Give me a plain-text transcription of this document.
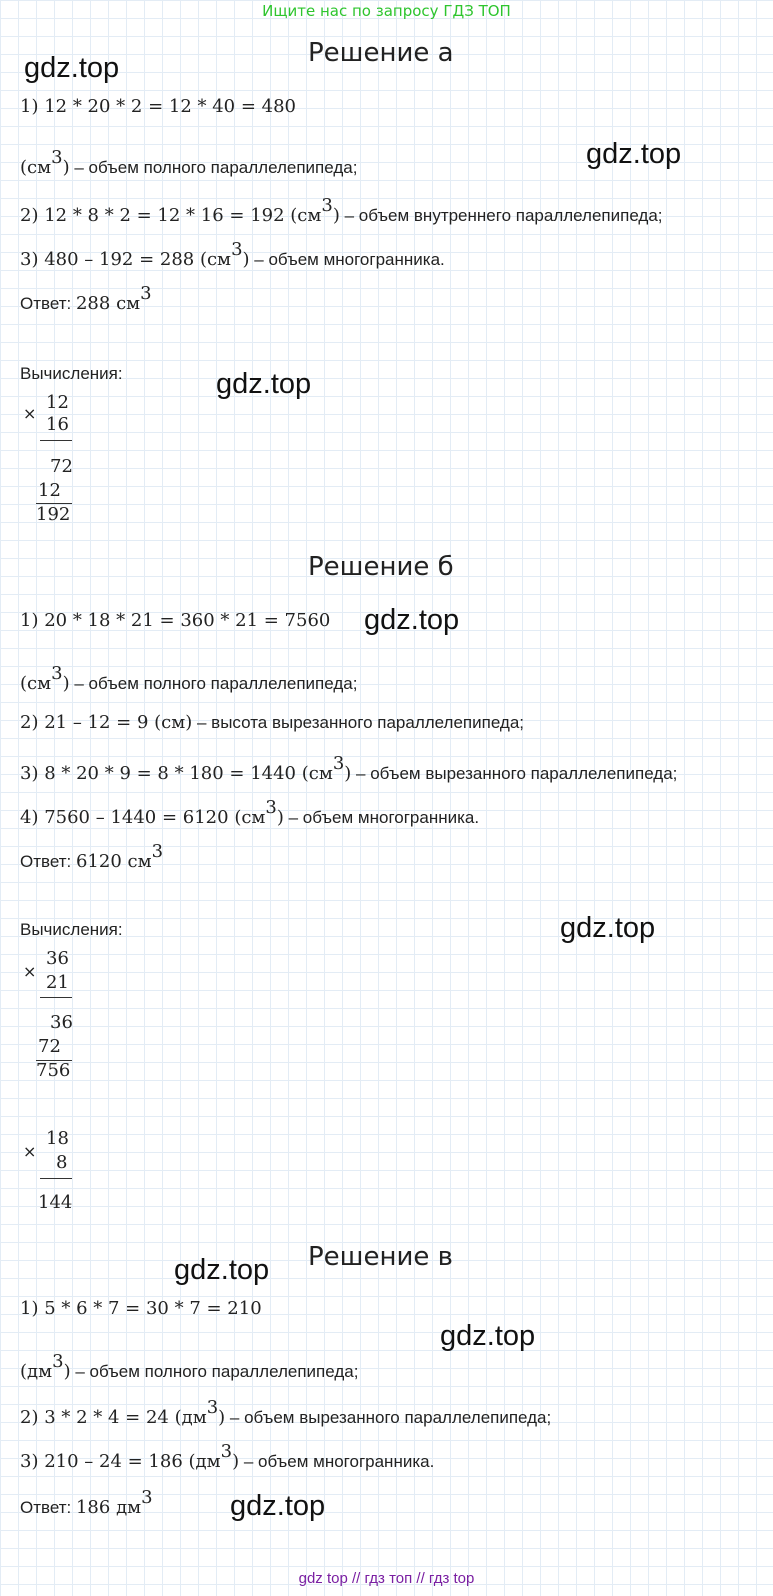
Ищите нас по запросу ГДЗ ТОП
Решение а
gdz.top
1) 12 * 20 * 2 = 12 * 40 = 480
gdz.top
$(см^3)$ – объем полного параллелепипеда;
2) 12 * 8 * 2 = 12 * 16 = 192 $(см^3)$ – объем внутреннего параллелепипеда;
3) 480 – 192 = 288 $(см^3)$ – объем многогранника.
Ответ: 288 $см^3$
Вычисления:	gdz.top
×
12
16
72
12
192
Решение б
1) 20 * 18 * 21 = 360 * 21 = 7560 gdz.top
$(см^3)$ – объем полного параллелепипеда;
2) 21 – 12 = 9 (см) – высота вырезанного параллелепипеда;
3) 8 * 20 * 9 = 8 * 180 = 1440 $(см^3)$ – объем вырезанного параллелепипеда;
4) 7560 – 1440 = 6120 $(см^3)$ – объем многогранника.
Ответ: 6120 $см^3$
Вычисления:	gdz.top
×
36
21
36
72
756
×
18
8
144
Решение в
gdz.top
1) 5 * 6 * 7 = 30 * 7 = 210
gdz.top
$(дм^3)$ – объем полного параллелепипеда;
2) 3 * 2 * 4 = 24 $(дм^3)$ – объем вырезанного параллелепипеда;
3) 210 – 24 = 186 $(дм^3)$ – объем многогранника.
Ответ: 186 $дм^3$	gdz.top
gdz top // гдз топ // гдз top
